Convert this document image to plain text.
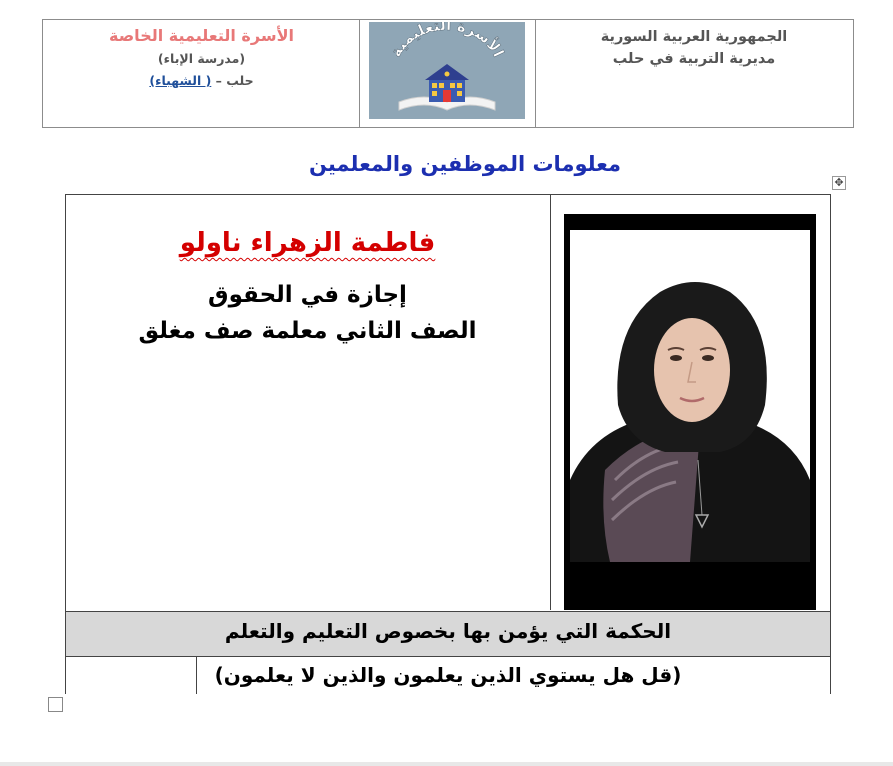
الجمهورية العربية السورية
مديرية التربية في حلب
الأسرة التعليمية الخاصة
(مدرسة الإباء)
حلب – ( الشهباء)
الأسرة التعليمية
معلومات الموظفين والمعلمين
✥
فاطمة الزهراء ناولو
إجازة في الحقوق
الصف الثاني معلمة صف مغلق
الحكمة التي يؤمن بها بخصوص التعليم والتعلم
(قل هل يستوي الذين يعلمون والذين لا يعلمون)
